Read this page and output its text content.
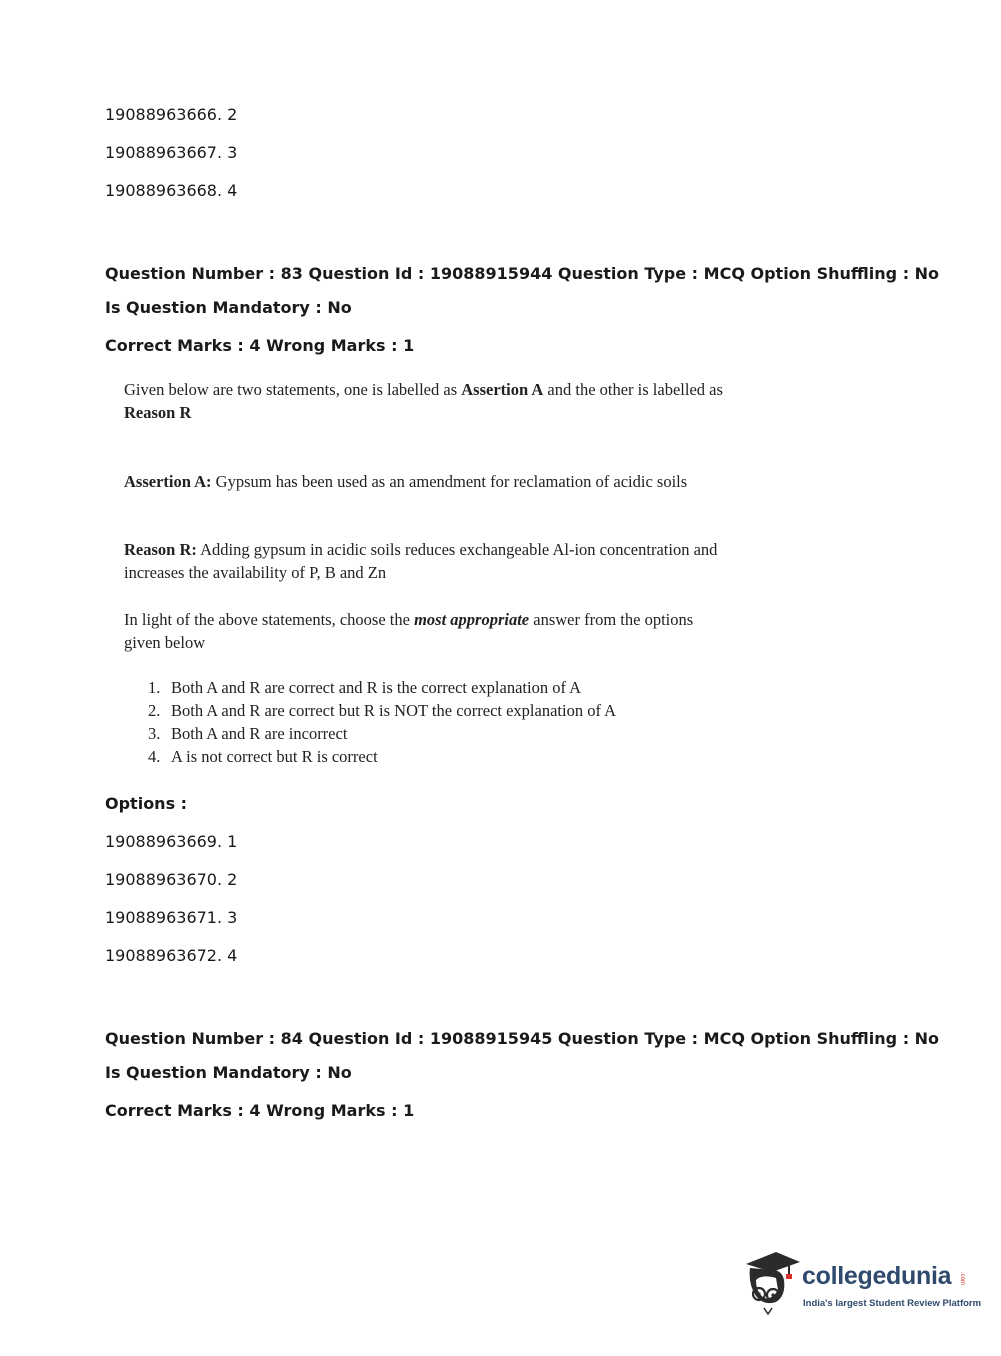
19088963666. 2
19088963667. 3
19088963668. 4
Question Number : 83 Question Id : 19088915944 Question Type : MCQ Option Shuffling : No
Is Question Mandatory : No
Correct Marks : 4 Wrong Marks : 1
Given below are two statements, one is labelled as Assertion A and the other is labelled as Reason R
Assertion A: Gypsum has been used as an amendment for reclamation of acidic soils
Reason R: Adding gypsum in acidic soils reduces exchangeable Al-ion concentration and increases the availability of P, B and Zn
In light of the above statements, choose the most appropriate answer from the options given below
1. Both A and R are correct and R is the correct explanation of A
2. Both A and R are correct but R is NOT the correct explanation of A
3. Both A and R are incorrect
4. A is not correct but R is correct
Options :
19088963669. 1
19088963670. 2
19088963671. 3
19088963672. 4
Question Number : 84 Question Id : 19088915945 Question Type : MCQ Option Shuffling : No
Is Question Mandatory : No
Correct Marks : 4 Wrong Marks : 1
collegedunia .com
India's largest Student Review Platform
